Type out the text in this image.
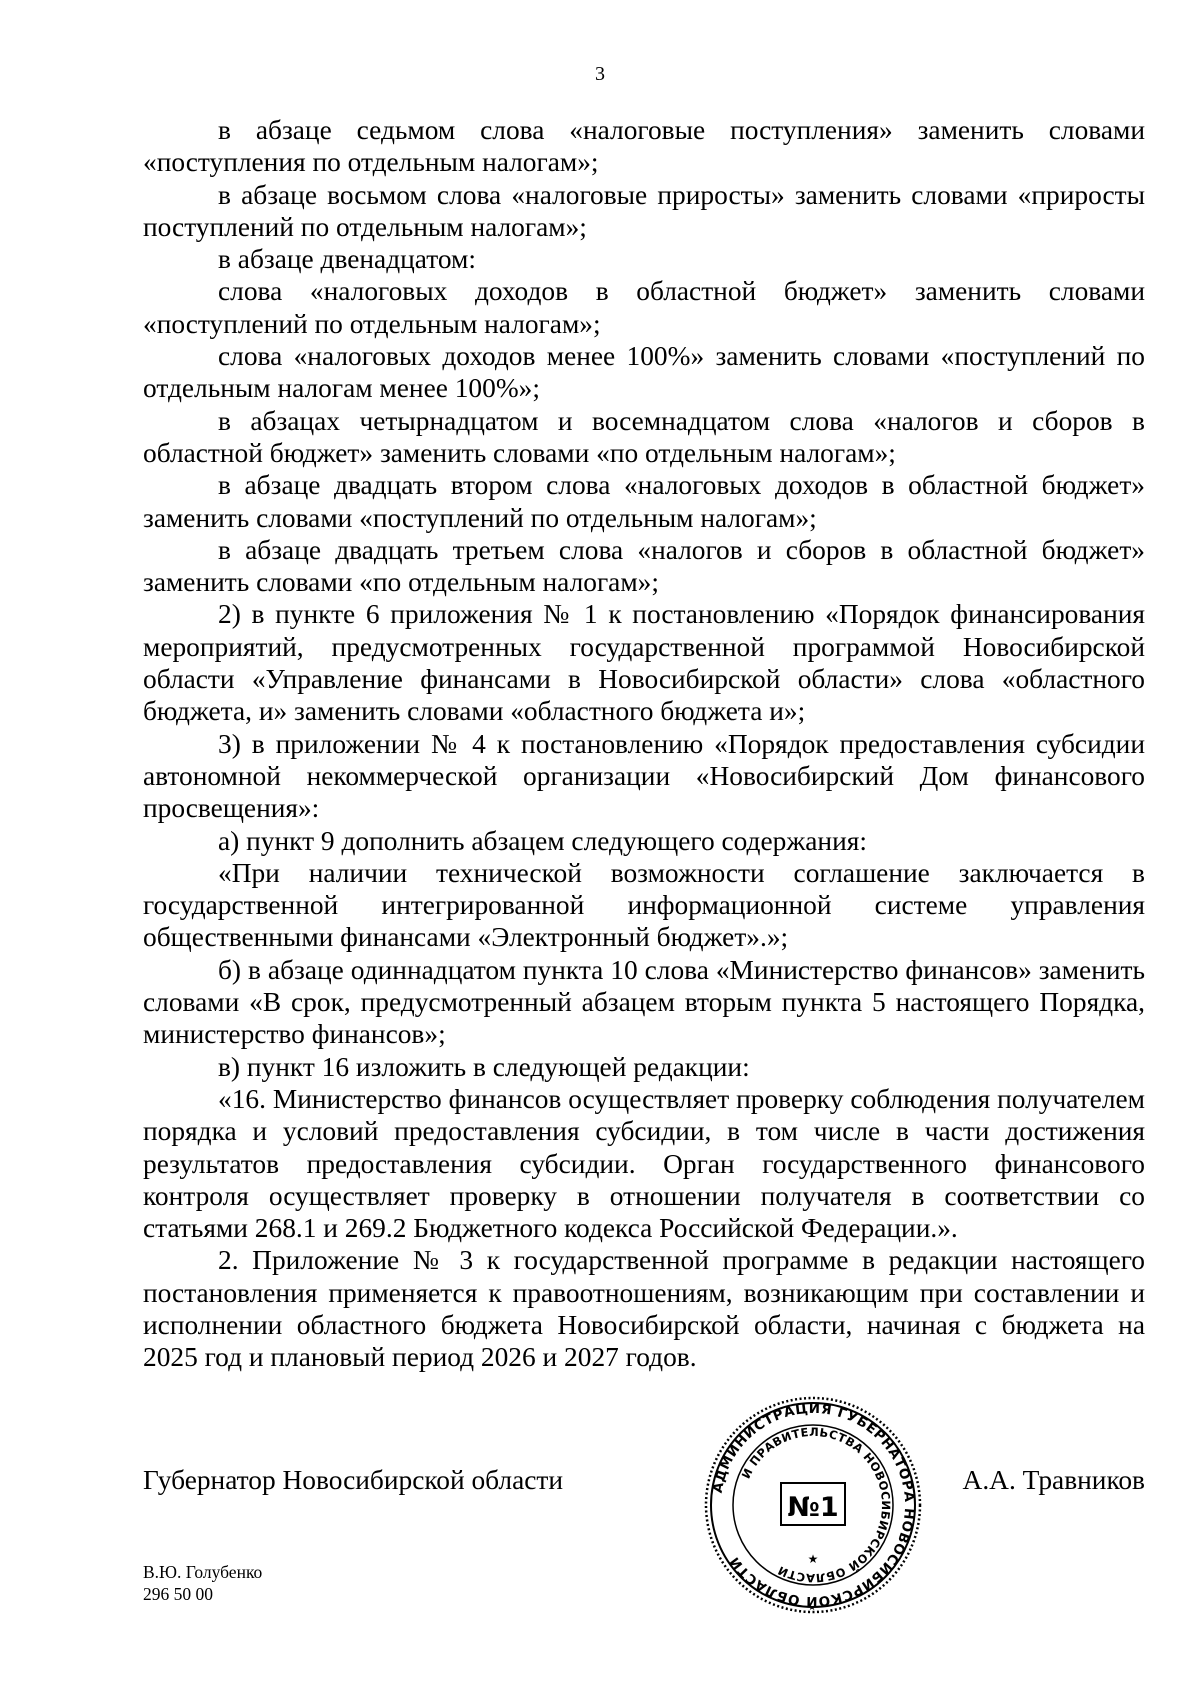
3

в абзаце седьмом слова «налоговые поступления» заменить словами «поступления по отдельным налогам»;

в абзаце восьмом слова «налоговые приросты» заменить словами «приросты поступлений по отдельным налогам»;

в абзаце двенадцатом:

слова «налоговых доходов в областной бюджет» заменить словами «поступлений по отдельным налогам»;

слова «налоговых доходов менее 100%» заменить словами «поступлений по отдельным налогам менее 100%»;

в абзацах четырнадцатом и восемнадцатом слова «налогов и сборов в областной бюджет» заменить словами «по отдельным налогам»;

в абзаце двадцать втором слова «налоговых доходов в областной бюджет» заменить словами «поступлений по отдельным налогам»;

в абзаце двадцать третьем слова «налогов и сборов в областной бюджет» заменить словами «по отдельным налогам»;

2) в пункте 6 приложения № 1 к постановлению «Порядок финансирования мероприятий, предусмотренных государственной программой Новосибирской области «Управление финансами в Новосибирской области» слова «областного бюджета, и» заменить словами «областного бюджета и»;

3) в приложении № 4 к постановлению «Порядок предоставления субсидии автономной некоммерческой организации «Новосибирский Дом финансового просвещения»:

а) пункт 9 дополнить абзацем следующего содержания:

«При наличии технической возможности соглашение заключается в государственной интегрированной информационной системе управления общественными финансами «Электронный бюджет».»;

б) в абзаце одиннадцатом пункта 10 слова «Министерство финансов» заменить словами «В срок, предусмотренный абзацем вторым пункта 5 настоящего Порядка, министерство финансов»;

в) пункт 16 изложить в следующей редакции:

«16. Министерство финансов осуществляет проверку соблюдения получателем порядка и условий предоставления субсидии, в том числе в части достижения результатов предоставления субсидии. Орган государственного финансового контроля осуществляет проверку в отношении получателя в соответствии со статьями 268.1 и 269.2 Бюджетного кодекса Российской Федерации.».

2. Приложение № 3 к государственной программе в редакции настоящего постановления применяется к правоотношениям, возникающим при составлении и исполнении областного бюджета Новосибирской области, начиная с бюджета на 2025 год и плановый период 2026 и 2027 годов.

Губернатор Новосибирской области	А.А. Травников
АДМИНИСТРАЦИЯ ГУБЕРНАТОРА НОВОСИБИРСКОЙ ОБЛАСТИ
И ПРАВИТЕЛЬСТВА НОВОСИБИРСКОЙ ОБЛАСТИ
№1
★
В.Ю. Голубенко
296 50 00
